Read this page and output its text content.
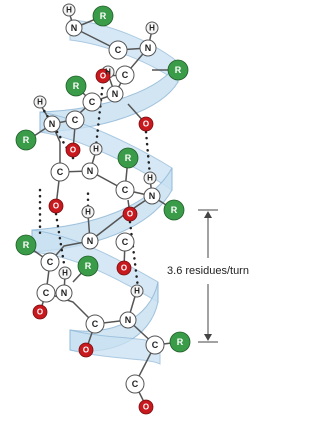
H
H
H
H
H
H
H
H
H
N
C	N
C
N
C
C
N
C	N
C
N
N	C
C
N
C
C	N
C
C
O
O
O
O
O
O
O
O
O
R
R
R
R
R
R
R
R
R
3.6 residues/turn
